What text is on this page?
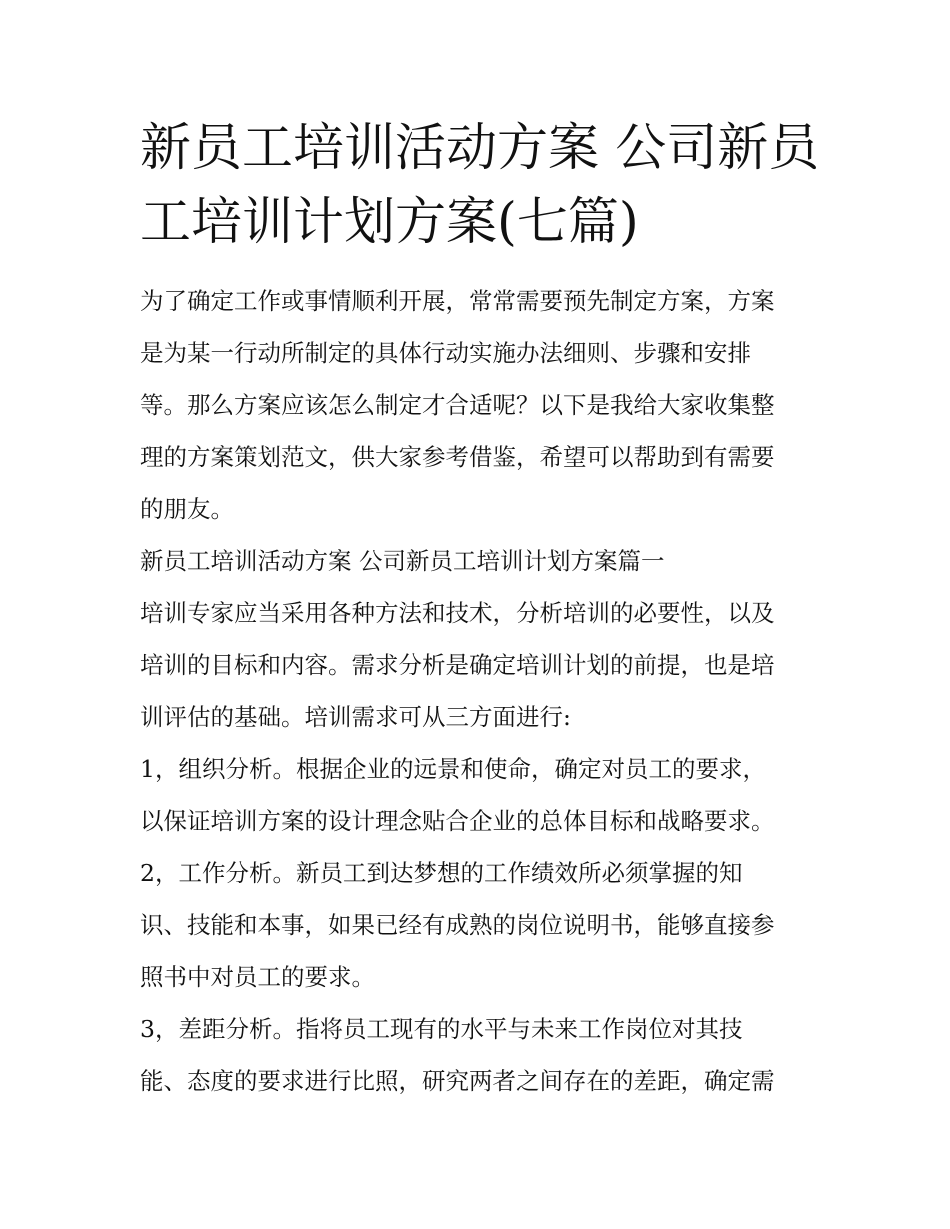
新员工培训活动方案 公司新员
工培训计划方案(七篇)
为了确定工作或事情顺利开展，常常需要预先制定方案，方案
是为某一行动所制定的具体行动实施办法细则、步骤和安排
等。那么方案应该怎么制定才合适呢？以下是我给大家收集整
理的方案策划范文，供大家参考借鉴，希望可以帮助到有需要
的朋友。
新员工培训活动方案 公司新员工培训计划方案篇一
培训专家应当采用各种方法和技术，分析培训的必要性，以及
培训的目标和内容。需求分析是确定培训计划的前提，也是培
训评估的基础。培训需求可从三方面进行:
1，组织分析。根据企业的远景和使命，确定对员工的要求，
以保证培训方案的设计理念贴合企业的总体目标和战略要求。
2，工作分析。新员工到达梦想的工作绩效所必须掌握的知
识、技能和本事，如果已经有成熟的岗位说明书，能够直接参
照书中对员工的要求。
3，差距分析。指将员工现有的水平与未来工作岗位对其技
能、态度的要求进行比照，研究两者之间存在的差距，确定需
